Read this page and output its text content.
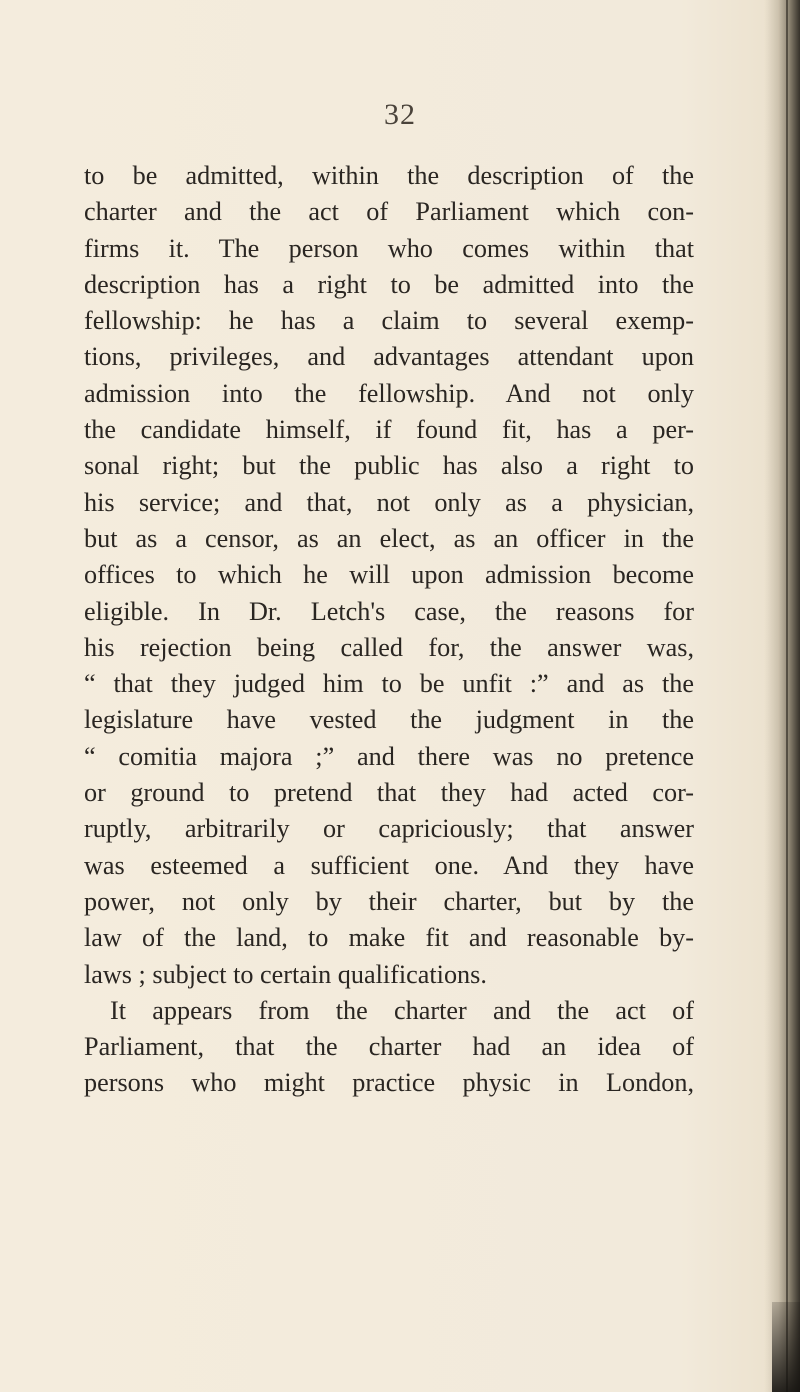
32
to be admitted, within the description of the
charter and the act of Parliament which con-
firms it. The person who comes within that
description has a right to be admitted into the
fellowship: he has a claim to several exemp-
tions, privileges, and advantages attendant upon
admission into the fellowship. And not only
the candidate himself, if found fit, has a per-
sonal right; but the public has also a right to
his service; and that, not only as a physician,
but as a censor, as an elect, as an officer in the
offices to which he will upon admission become
eligible. In Dr. Letch's case, the reasons for
his rejection being called for, the answer was,
“ that they judged him to be unfit :” and as the
legislature have vested the judgment in the
“ comitia majora ;” and there was no pretence
or ground to pretend that they had acted cor-
ruptly, arbitrarily or capriciously; that answer
was esteemed a sufficient one. And they have
power, not only by their charter, but by the
law of the land, to make fit and reasonable by-
laws ; subject to certain qualifications.
It appears from the charter and the act of
Parliament, that the charter had an idea of
persons who might practice physic in London,
